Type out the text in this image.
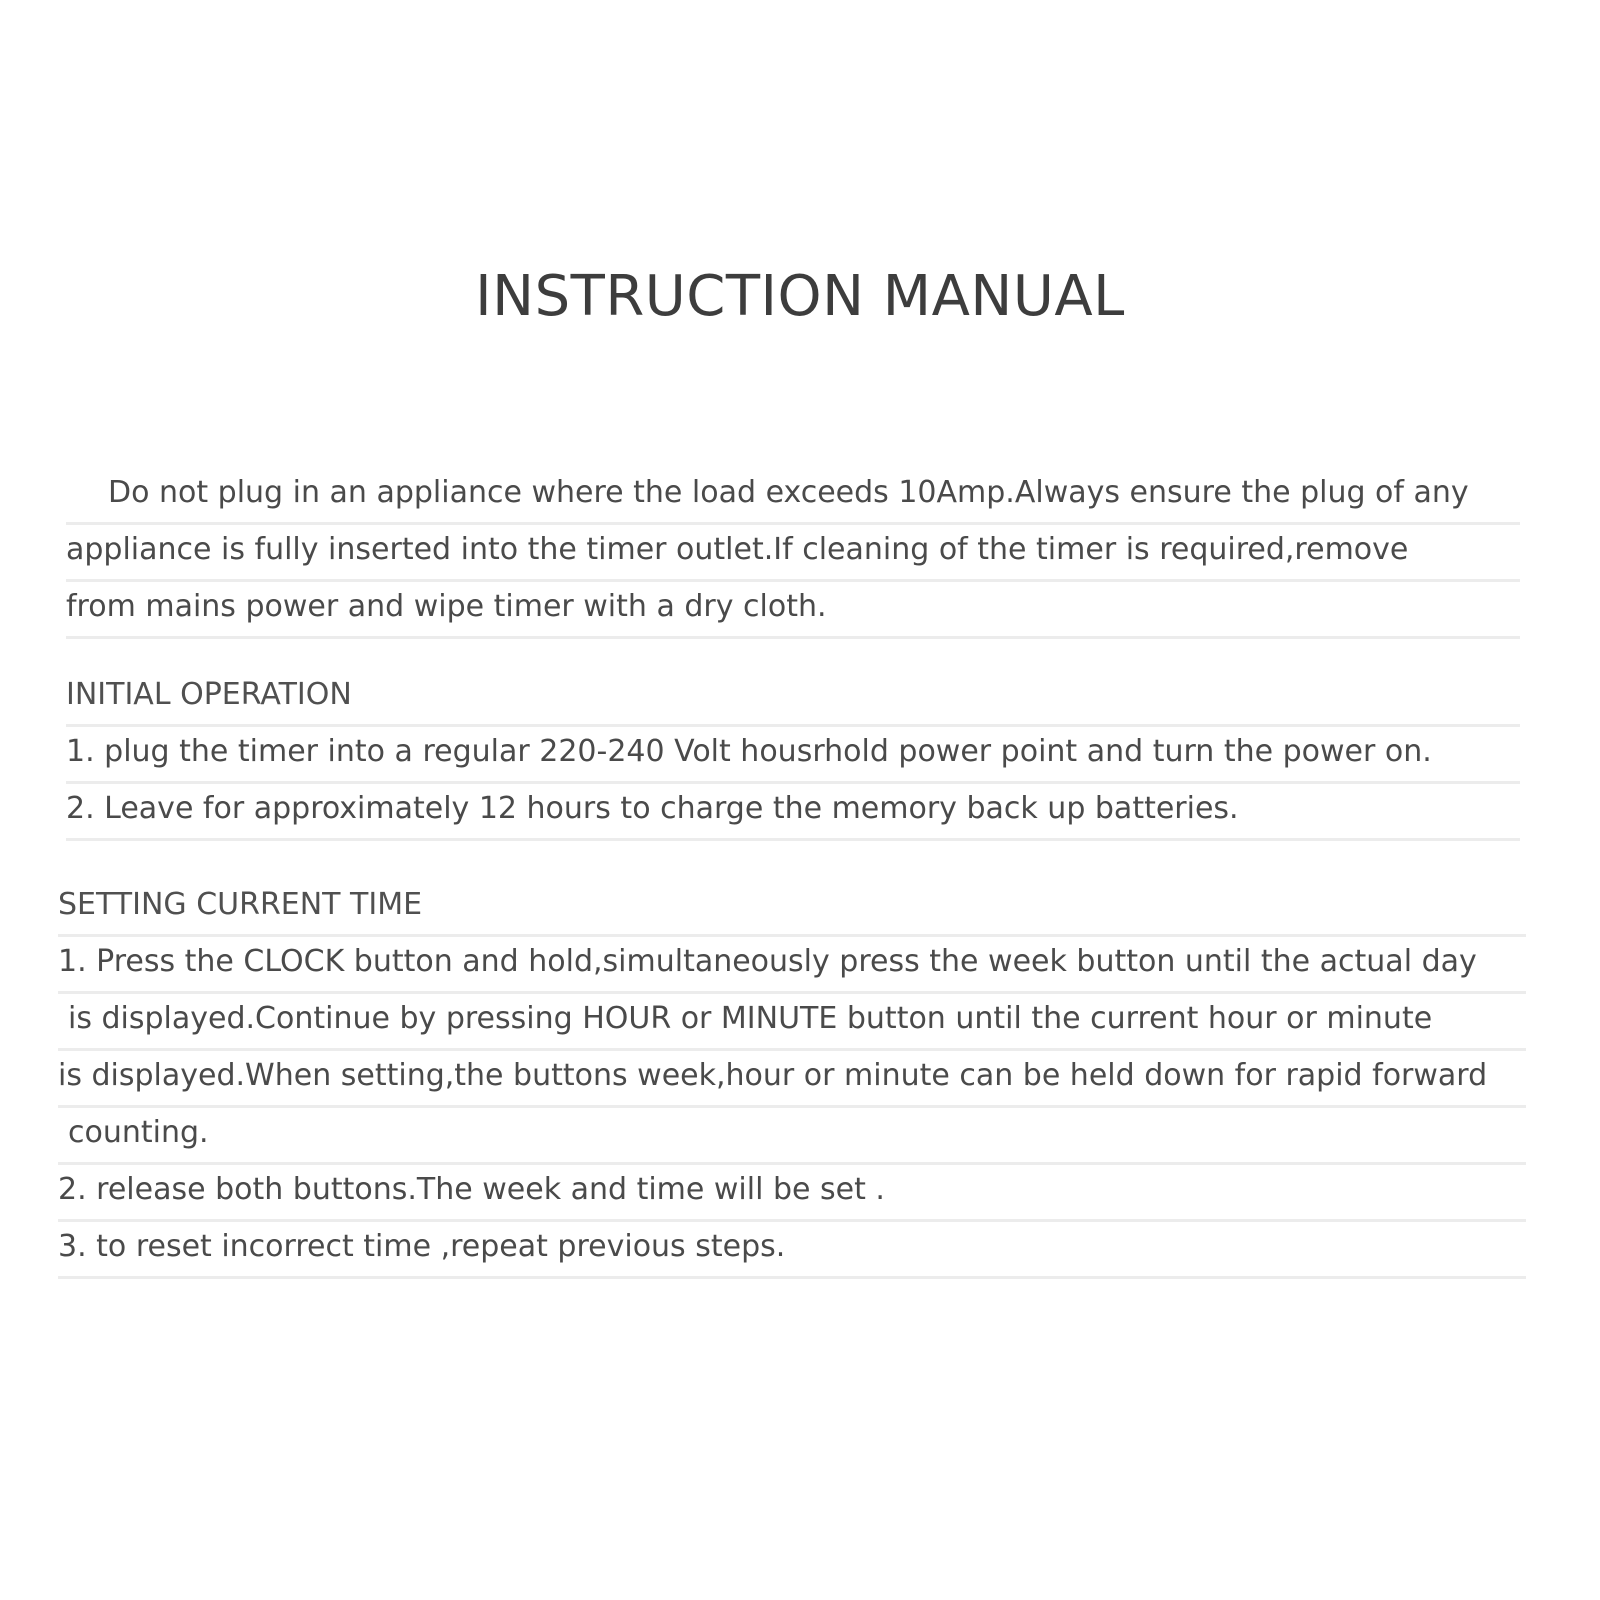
INSTRUCTION MANUAL
Do not plug in an appliance where the load exceeds 10Amp.Always ensure the plug of any
appliance is fully inserted into the timer outlet.If cleaning of the timer is required,remove
from mains power and wipe timer with a dry cloth.
INITIAL OPERATION
1. plug the timer into a regular 220-240 Volt housrhold power point and turn the power on.
2. Leave for approximately 12 hours to charge the memory back up batteries.
SETTING CURRENT TIME
1. Press the CLOCK button and hold,simultaneously press the week button until the actual day
is displayed.Continue by pressing HOUR or MINUTE button until the current hour or minute
is displayed.When setting,the buttons week,hour or minute can be held down for rapid forward
counting.
2. release both buttons.The week and time will be set .
3. to reset incorrect time ,repeat previous steps.
